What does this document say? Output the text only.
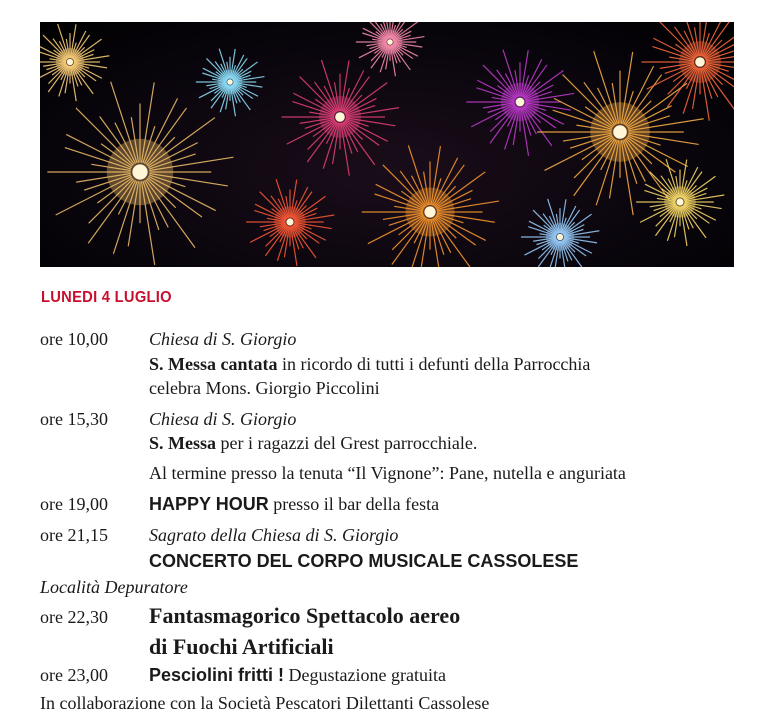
LUNEDI 4 LUGLIO
ore 10,00 Chiesa di S. Giorgio
S. Messa cantata in ricordo di tutti i defunti della Parrocchia
celebra Mons. Giorgio Piccolini
ore 15,30 Chiesa di S. Giorgio
S. Messa per i ragazzi del Grest parrocchiale.
Al termine presso la tenuta “Il Vignone”: Pane, nutella e anguriata
ore 19,00 HAPPY HOUR presso il bar della festa
ore 21,15 Sagrato della Chiesa di S. Giorgio
CONCERTO DEL CORPO MUSICALE CASSOLESE
Località Depuratore
ore 22,30 Fantasmagorico Spettacolo aereo
di Fuochi Artificiali
ore 23,00 Pesciolini fritti ! Degustazione gratuita
In collaborazione con la Società Pescatori Dilettanti Cassolese
